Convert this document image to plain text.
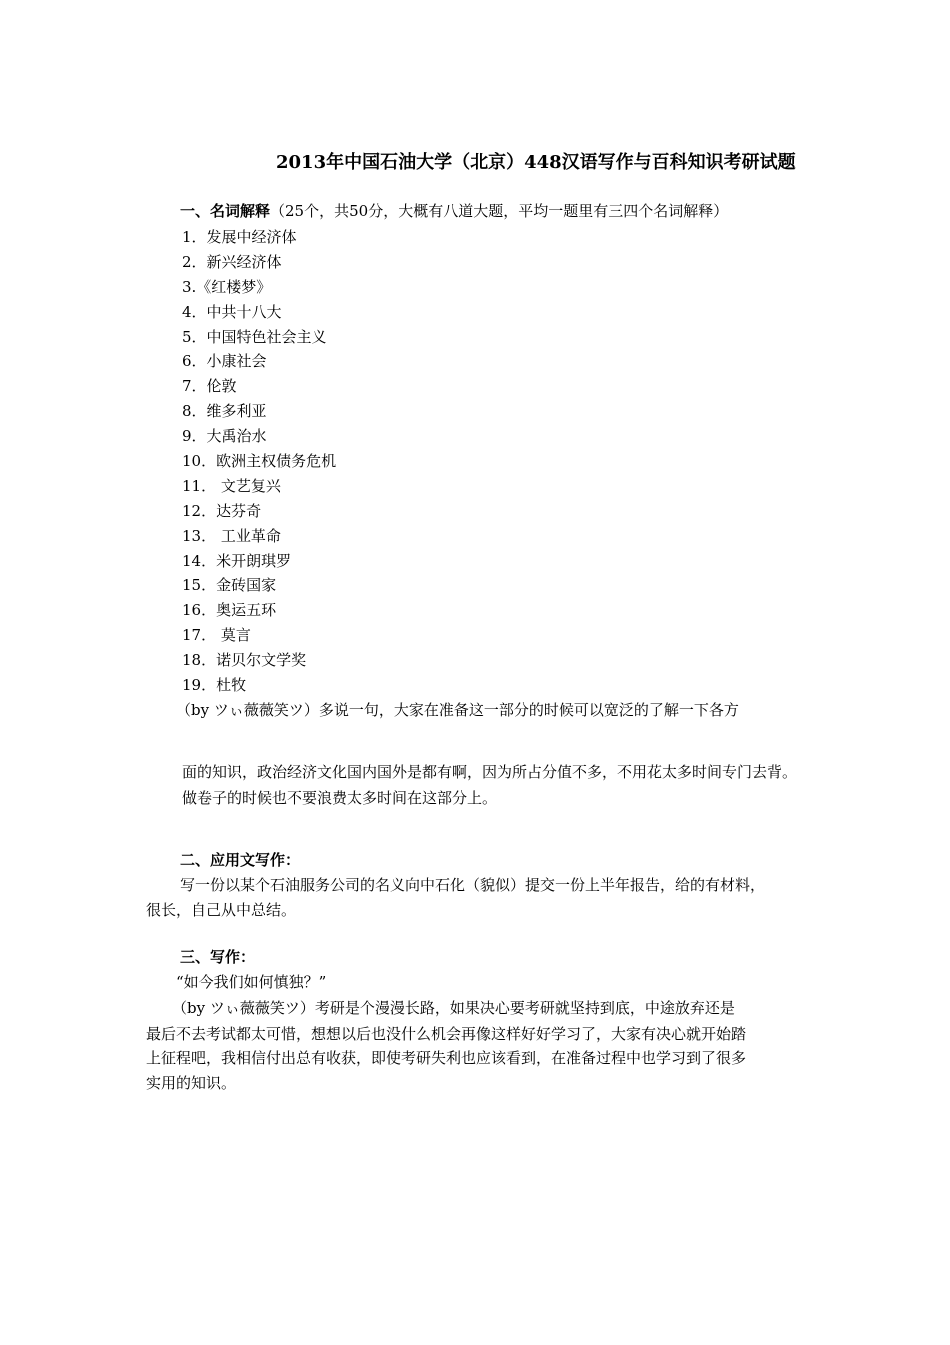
2013年中国石油大学（北京）448汉语写作与百科知识考研试题
一、名词解释（25个，共50分，大概有八道大题，平均一题里有三四个名词解释）
1．发展中经济体
2．新兴经济体
3.《红楼梦》
4．中共十八大
5．中国特色社会主义
6．小康社会
7．伦敦
8．维多利亚
9．大禹治水
10．欧洲主权债务危机
11． 文艺复兴
12．达芬奇
13． 工业革命
14．米开朗琪罗
15．金砖国家
16．奥运五环
17． 莫言
18．诺贝尔文学奖
19．杜牧
（by ツぃ薇薇笑ツ）多说一句，大家在准备这一部分的时候可以宽泛的了解一下各方
面的知识，政治经济文化国内国外是都有啊，因为所占分值不多，不用花太多时间专门去背。
做卷子的时候也不要浪费太多时间在这部分上。
二、应用文写作：
写一份以某个石油服务公司的名义向中石化（貌似）提交一份上半年报告，给的有材料，
很长，自己从中总结。
三、写作：
“如今我们如何慎独？”
（by ツぃ薇薇笑ツ）考研是个漫漫长路，如果决心要考研就坚持到底，中途放弃还是
最后不去考试都太可惜，想想以后也没什么机会再像这样好好学习了，大家有决心就开始踏
上征程吧，我相信付出总有收获，即使考研失利也应该看到，在准备过程中也学习到了很多
实用的知识。
